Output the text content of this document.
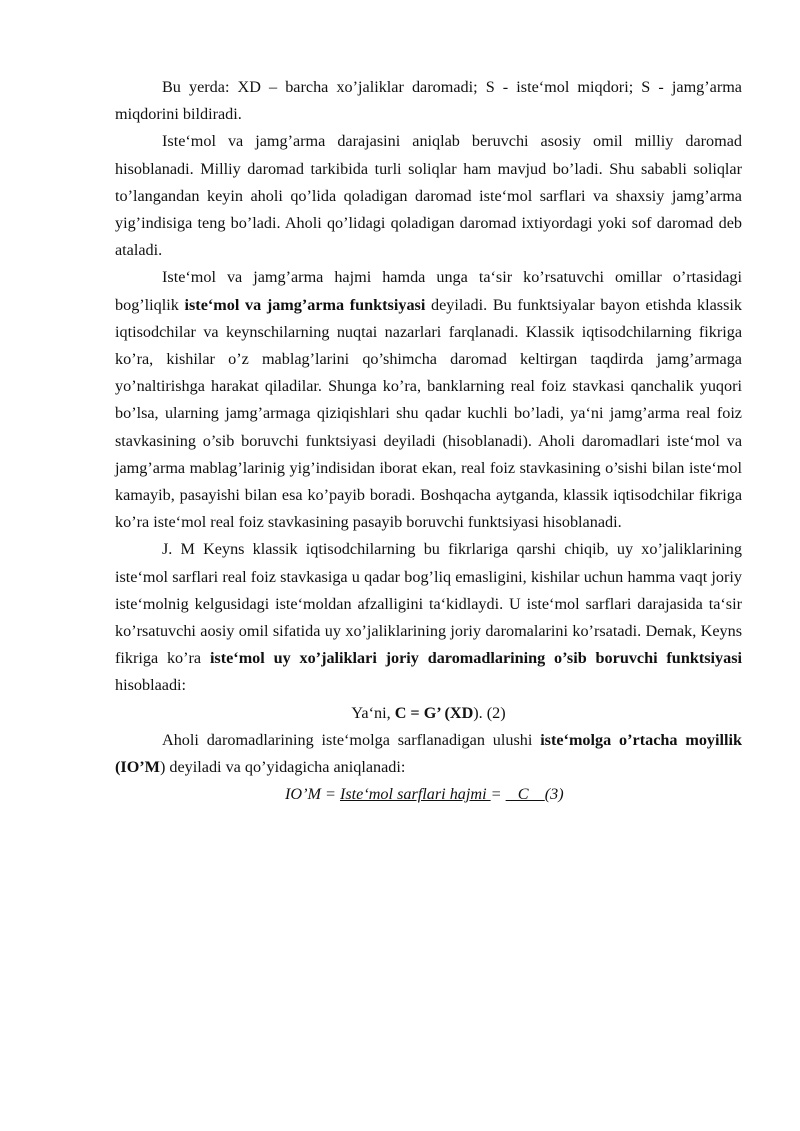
Bu yerda: XD – barcha xo’jaliklar daromadi; S - iste‘mol miqdori; S - jamg’arma miqdorini bildiradi.

Iste‘mol va jamg’arma darajasini aniqlab beruvchi asosiy omil milliy daromad hisoblanadi. Milliy daromad tarkibida turli soliqlar ham mavjud bo’ladi. Shu sababli soliqlar to’langandan keyin aholi qo’lida qoladigan daromad iste‘mol sarflari va shaxsiy jamg’arma yig’indisiga teng bo’ladi. Aholi qo’lidagi qoladigan daromad ixtiyordagi yoki sof daromad deb ataladi.

Iste‘mol va jamg’arma hajmi hamda unga ta‘sir ko’rsatuvchi omillar o’rtasidagi bog’liqlik iste‘mol va jamg’arma funktsiyasi deyiladi. Bu funktsiyalar bayon etishda klassik iqtisodchilar va keynschilarning nuqtai nazarlari farqlanadi. Klassik iqtisodchilarning fikriga ko’ra, kishilar o’z mablag’larini qo’shimcha daromad keltirgan taqdirda jamg’armaga yo’naltirishga harakat qiladilar. Shunga ko’ra, banklarning real foiz stavkasi qanchalik yuqori bo’lsa, ularning jamg’armaga qiziqishlari shu qadar kuchli bo’ladi, ya‘ni jamg’arma real foiz stavkasining o’sib boruvchi funktsiyasi deyiladi (hisoblanadi). Aholi daromadlari iste‘mol va jamg’arma mablag’larinig yig’indisidan iborat ekan, real foiz stavkasining o’sishi bilan iste‘mol kamayib, pasayishi bilan esa ko’payib boradi. Boshqacha aytganda, klassik iqtisodchilar fikriga ko’ra iste‘mol real foiz stavkasining pasayib boruvchi funktsiyasi hisoblanadi.

J. M Keyns klassik iqtisodchilarning bu fikrlariga qarshi chiqib, uy xo’jaliklarining iste‘mol sarflari real foiz stavkasiga u qadar bog’liq emasligini, kishilar uchun hamma vaqt joriy iste‘molnig kelgusidagi iste‘moldan afzalligini ta‘kidlaydi. U iste‘mol sarflari darajasida ta‘sir ko’rsatuvchi aosiy omil sifatida uy xo’jaliklarining joriy daromalarini ko’rsatadi. Demak, Keyns fikriga ko’ra iste‘mol uy xo’jaliklari joriy daromadlarining o’sib boruvchi funktsiyasi hisoblaadi:

Ya‘ni, C = G’ (XD). (2)

Aholi daromadlarining iste‘molga sarflanadigan ulushi iste‘molga o’rtacha moyillik (IO’M) deyiladi va qo’yidagicha aniqlanadi:

IO’M = Iste‘mol sarflari hajmi =    C    (3)
